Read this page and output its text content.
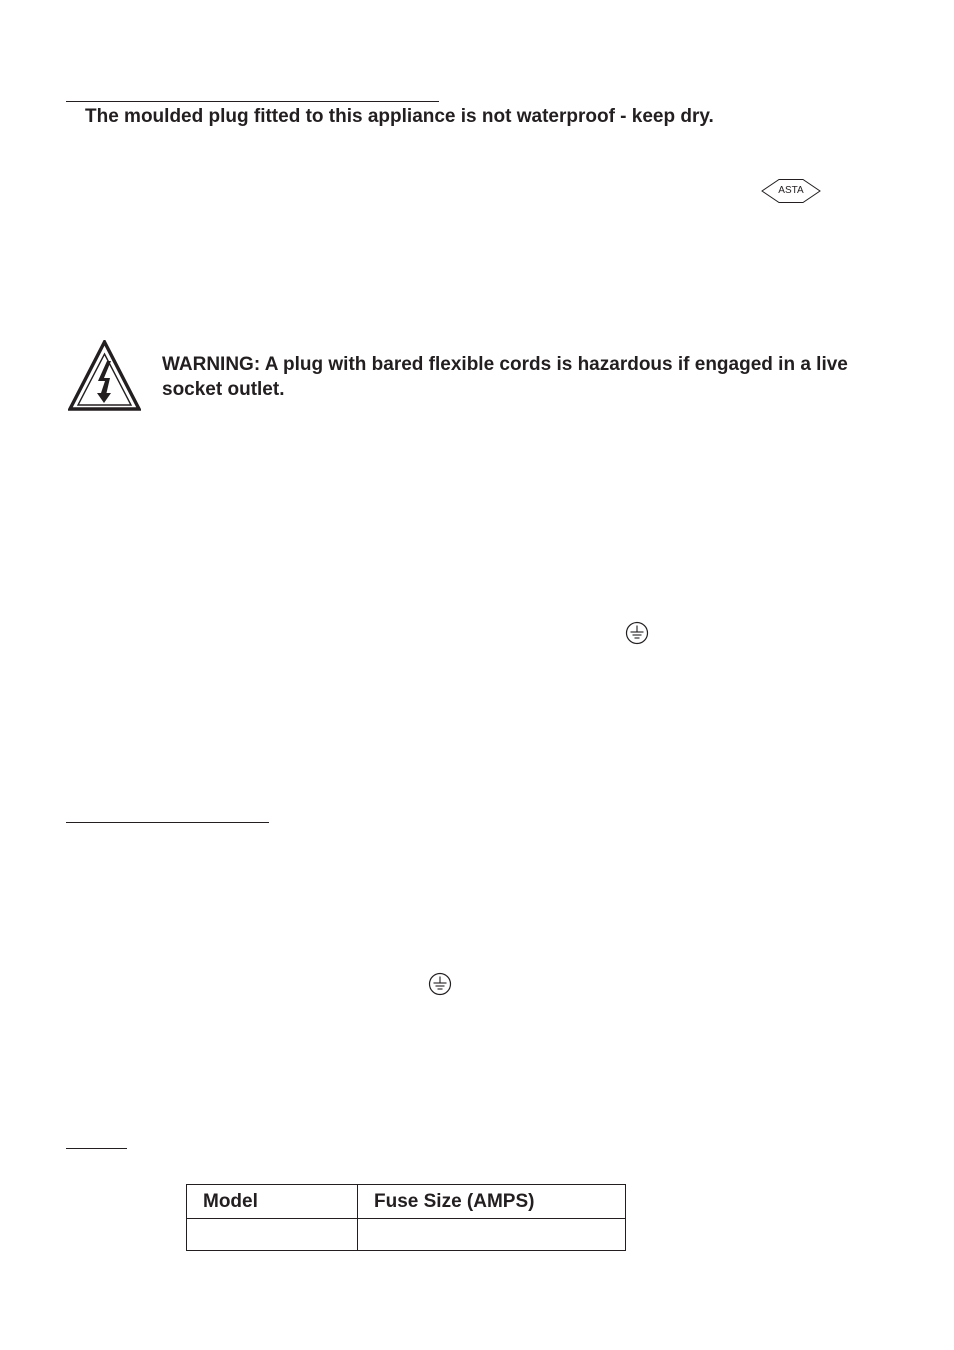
The moulded plug fitted to this appliance is not waterproof - keep dry.
ASTA
WARNING: A plug with bared flexible cords is hazardous if engaged in a live socket outlet.
Model	Fuse Size (AMPS)
